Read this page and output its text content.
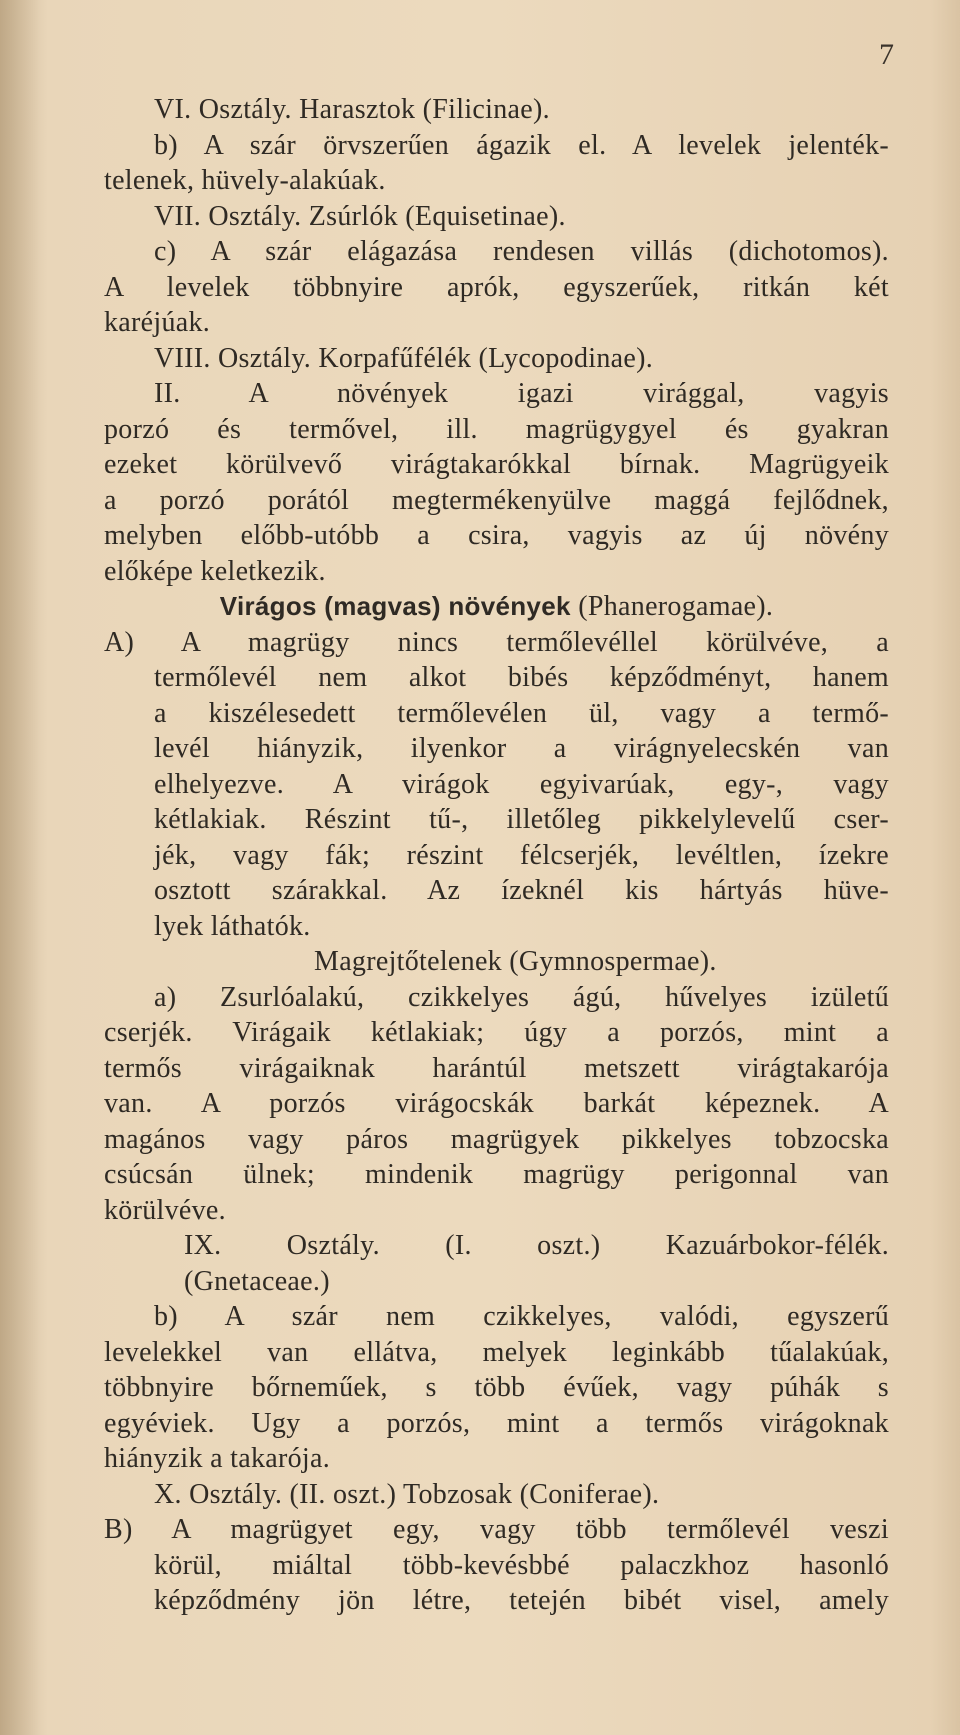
7
VI. Osztály. Harasztok (Filicinae).
b) A szár örvszerűen ágazik el. A levelek jelenték-
telenek, hüvely-alakúak.
VII. Osztály. Zsúrlók (Equisetinae).
c) A szár elágazása rendesen villás (dichotomos).
A levelek többnyire aprók, egyszerűek, ritkán két
karéjúak.
VIII. Osztály. Korpafűfélék (Lycopodinae).
II. A növények igazi virággal, vagyis
porzó és termővel, ill. magrügygyel és gyakran
ezeket körülvevő virágtakarókkal bírnak. Magrügyeik
a porzó porától megtermékenyülve maggá fejlődnek,
melyben előbb-utóbb a csira, vagyis az új növény
előképe keletkezik.
Virágos (magvas) növények (Phanerogamae).
A) A magrügy nincs termőlevéllel körülvéve, a
termőlevél nem alkot bibés képződményt, hanem
a kiszélesedett termőlevélen ül, vagy a termő-
levél hiányzik, ilyenkor a virágnyelecskén van
elhelyezve. A virágok egyivarúak, egy-, vagy
kétlakiak. Részint tű-, illetőleg pikkelylevelű cser-
jék, vagy fák; részint félcserjék, levéltlen, ízekre
osztott szárakkal. Az ízeknél kis hártyás hüve-
lyek láthatók.
Magrejtőtelenek (Gymnospermae).
a) Zsurlóalakú, czikkelyes ágú, hűvelyes izületű
cserjék. Virágaik kétlakiak; úgy a porzós, mint a
termős virágaiknak harántúl metszett virágtakarója
van. A porzós virágocskák barkát képeznek. A
magános vagy páros magrügyek pikkelyes tobzocska
csúcsán ülnek; mindenik magrügy perigonnal van
körülvéve.
IX. Osztály. (I. oszt.) Kazuárbokor-félék.
(Gnetaceae.)
b) A szár nem czikkelyes, valódi, egyszerű
levelekkel van ellátva, melyek leginkább tűalakúak,
többnyire bőrneműek, s több évűek, vagy púhák s
egyéviek. Ugy a porzós, mint a termős virágoknak
hiányzik a takarója.
X. Osztály. (II. oszt.) Tobzosak (Coniferae).
B) A magrügyet egy, vagy több termőlevél veszi
körül, miáltal több-kevésbbé palaczkhoz hasonló
képződmény jön létre, tetején bibét visel, amely
